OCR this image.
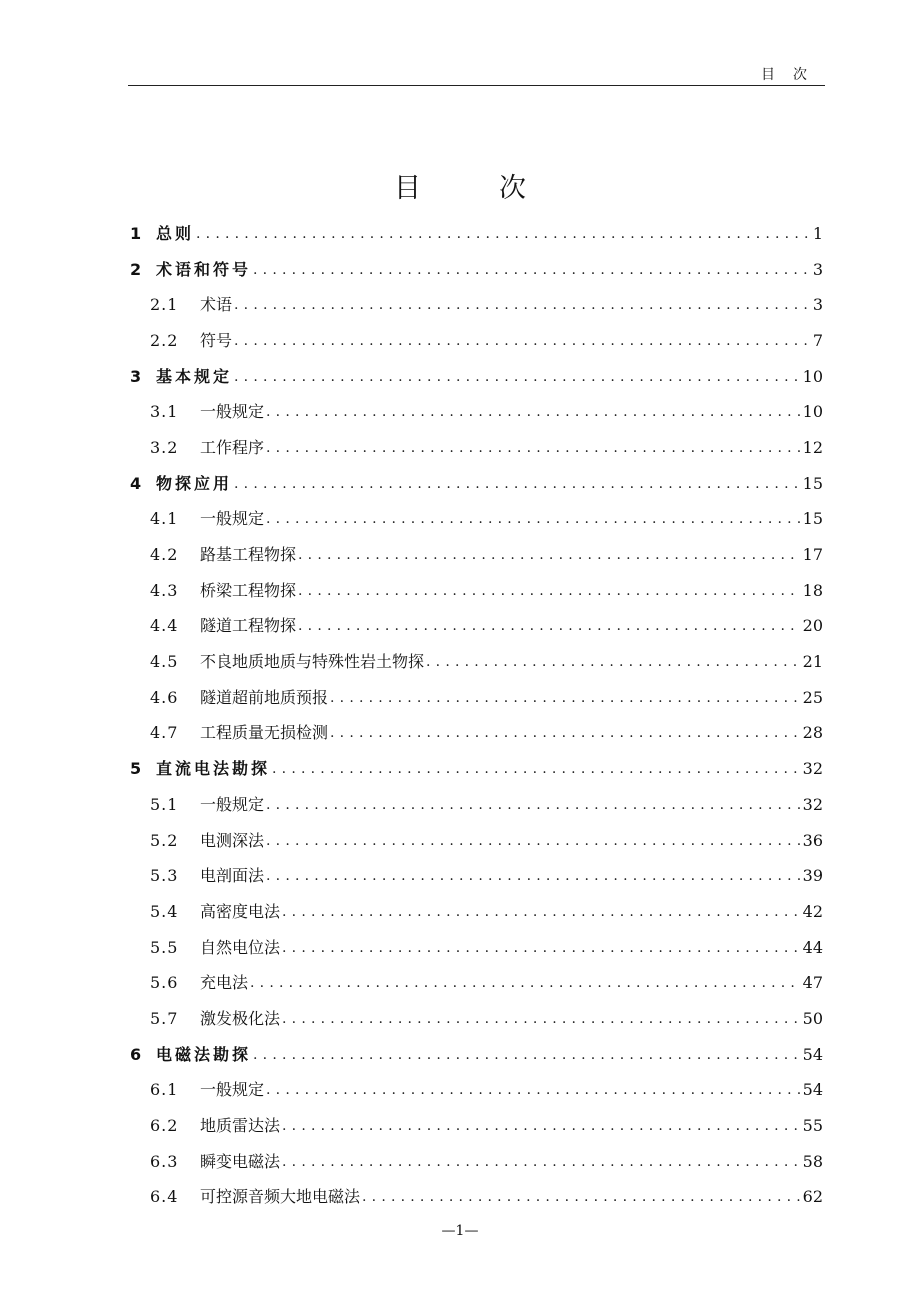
目次
目次
1 总则 .....	1
2 术语和符号 .....	3
2.1	术语 .....	3
2.2	符号 .....	7
3 基本规定 .....	10
3.1	一般规定 .....	10
3.2	工作程序 .....	12
4 物探应用 .....	15
4.1	一般规定 .....	15
4.2	路基工程物探 .....	17
4.3	桥梁工程物探 .....	18
4.4	隧道工程物探 .....	20
4.5	不良地质地质与特殊性岩土物探 .....	21
4.6	隧道超前地质预报 .....	25
4.7	工程质量无损检测 .....	28
5 直流电法勘探 .....	32
5.1	一般规定 .....	32
5.2	电测深法 .....	36
5.3	电剖面法 .....	39
5.4	高密度电法 .....	42
5.5	自然电位法 .....	44
5.6	充电法 .....	47
5.7	激发极化法 .....	50
6 电磁法勘探 .....	54
6.1	一般规定 .....	54
6.2	地质雷达法 .....	55
6.3	瞬变电磁法 .....	58
6.4	可控源音频大地电磁法 .....	62
—1—
